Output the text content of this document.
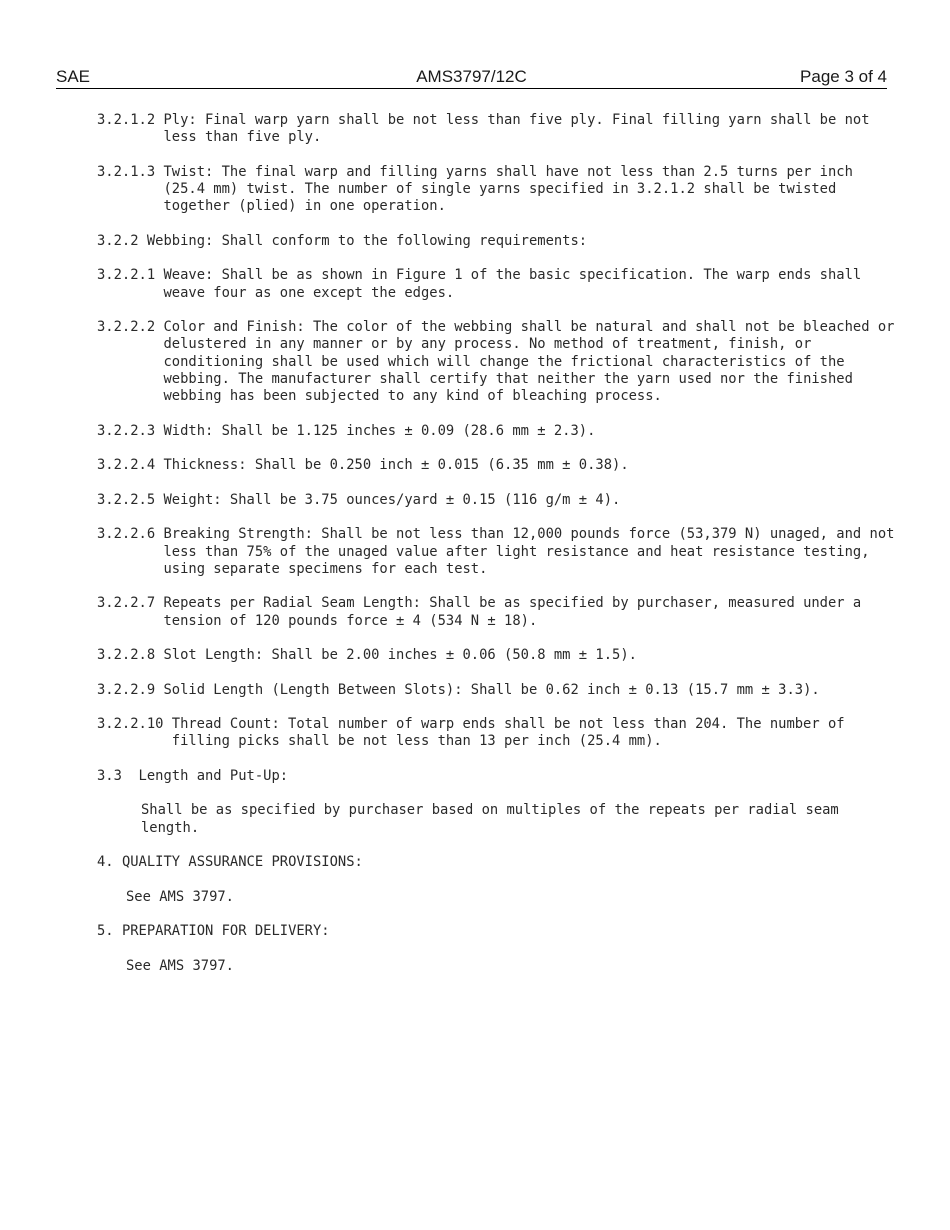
SAE	AMS3797/12C	Page 3 of 4
3.2.1.2
Ply: Final warp yarn shall be not less than five ply. Final filling yarn shall be not less than five ply.
3.2.1.3
Twist: The final warp and filling yarns shall have not less than 2.5 turns per inch (25.4 mm) twist. The number of single yarns specified in 3.2.1.2 shall be twisted together (plied) in one operation.
3.2.2
Webbing: Shall conform to the following requirements:
3.2.2.1
Weave: Shall be as shown in Figure 1 of the basic specification. The warp ends shall weave four as one except the edges.
3.2.2.2
Color and Finish: The color of the webbing shall be natural and shall not be bleached or delustered in any manner or by any process. No method of treatment, finish, or conditioning shall be used which will change the frictional characteristics of the webbing. The manufacturer shall certify that neither the yarn used nor the finished webbing has been subjected to any kind of bleaching process.
3.2.2.3
Width: Shall be 1.125 inches ± 0.09 (28.6 mm ± 2.3).
3.2.2.4
Thickness: Shall be 0.250 inch ± 0.015 (6.35 mm ± 0.38).
3.2.2.5
Weight: Shall be 3.75 ounces/yard ± 0.15 (116 g/m ± 4).
3.2.2.6
Breaking Strength: Shall be not less than 12,000 pounds force (53,379 N) unaged, and not less than 75% of the unaged value after light resistance and heat resistance testing, using separate specimens for each test.
3.2.2.7
Repeats per Radial Seam Length: Shall be as specified by purchaser, measured under a tension of 120 pounds force ± 4 (534 N ± 18).
3.2.2.8
Slot Length: Shall be 2.00 inches ± 0.06 (50.8 mm ± 1.5).
3.2.2.9
Solid Length (Length Between Slots): Shall be 0.62 inch ± 0.13 (15.7 mm ± 3.3).
3.2.2.10
Thread Count: Total number of warp ends shall be not less than 204. The number of filling picks shall be not less than 13 per inch (25.4 mm).
3.3
Length and Put-Up:
Shall be as specified by purchaser based on multiples of the repeats per radial seam length.
4.
QUALITY ASSURANCE PROVISIONS:
See AMS 3797.
5.
PREPARATION FOR DELIVERY:
See AMS 3797.
